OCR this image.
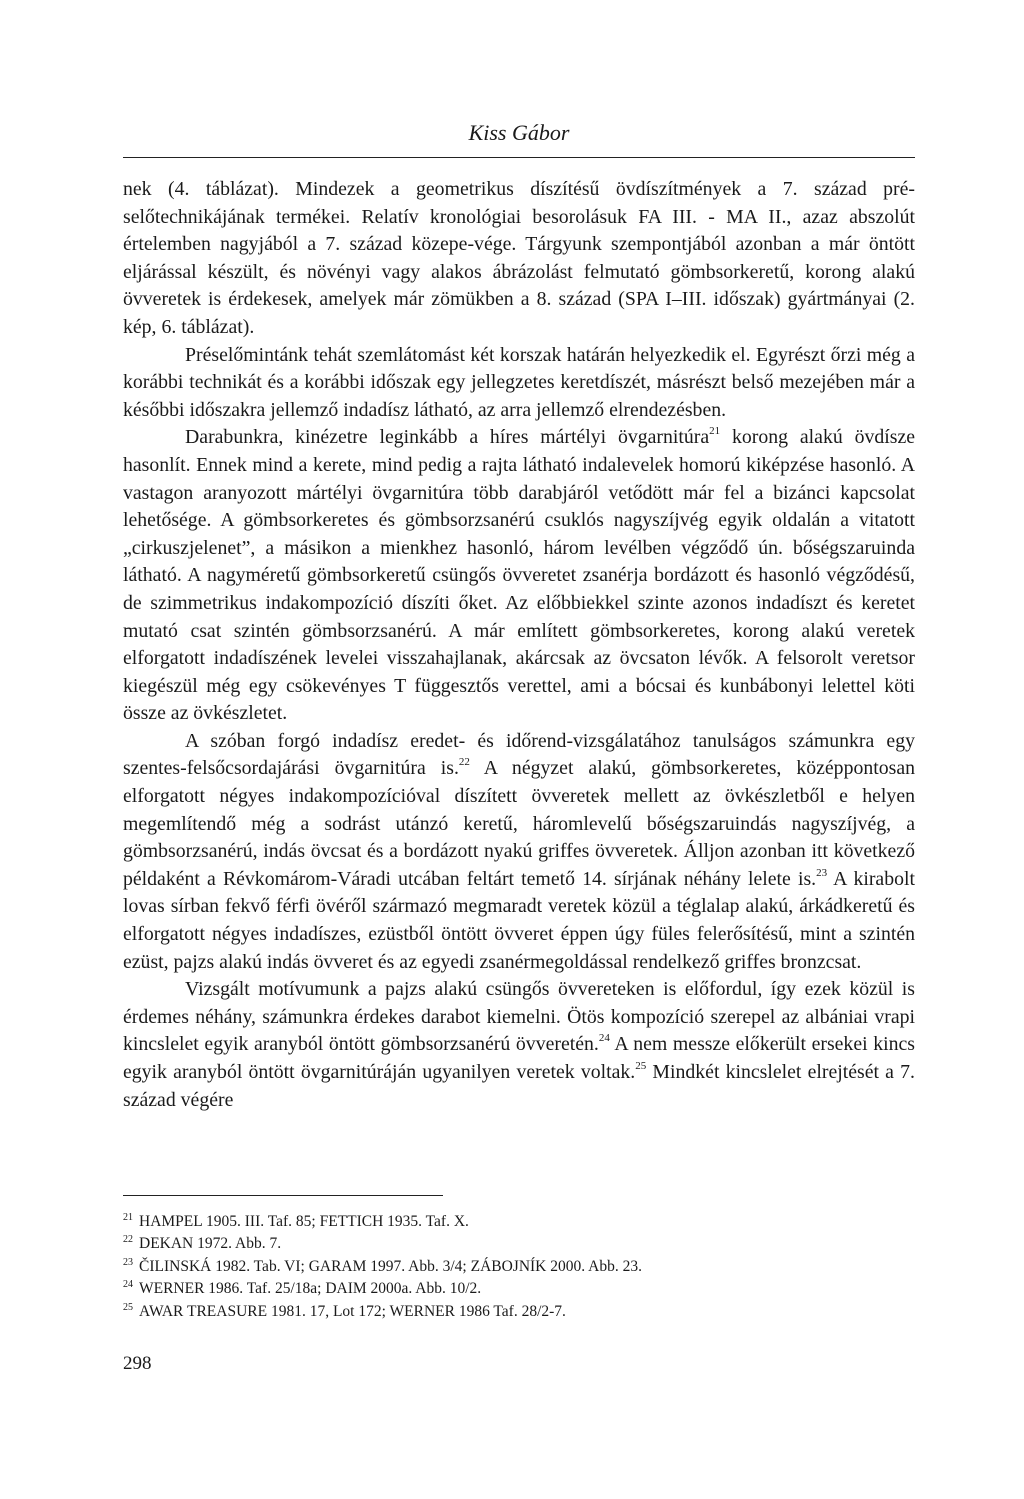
Kiss Gábor

nek (4. táblázat). Mindezek a geometrikus díszítésű övdíszítmények a 7. század préselőtechnikájának termékei. Relatív kronológiai besorolásuk FA III. - MA II., azaz abszolút értelemben nagyjából a 7. század közepe-vége. Tárgyunk szempontjából azonban a már öntött eljárással készült, és növényi vagy alakos ábrázolást felmutató gömbsorkeretű, korong alakú övveretek is érdekesek, amelyek már zömükben a 8. század (SPA I–III. időszak) gyártmányai (2. kép, 6. táblázat).

Préselőmintánk tehát szemlátomást két korszak határán helyezkedik el. Egyrészt őrzi még a korábbi technikát és a korábbi időszak egy jellegzetes keretdíszét, másrészt belső mezejében már a későbbi időszakra jellemző indadísz látható, az arra jellemző elrendezésben.

Darabunkra, kinézetre leginkább a híres mártélyi övgarnitúra$^{21}$ korong alakú övdísze hasonlít. Ennek mind a kerete, mind pedig a rajta látható indalevelek homorú kiképzése hasonló. A vastagon aranyozott mártélyi övgarnitúra több darabjáról vetődött már fel a bizánci kapcsolat lehetősége. A gömbsorkeretes és gömbsorzsanérú csuklós nagyszíjvég egyik oldalán a vitatott „cirkuszjelenet”, a másikon a mienkhez hasonló, három levélben végződő ún. bőségszaruinda látható. A nagyméretű gömbsorkeretű csüngős övveretet zsanérja bordázott és hasonló végződésű, de szimmetrikus indakompozíció díszíti őket. Az előbbiekkel szinte azonos indadíszt és keretet mutató csat szintén gömbsorzsanérú. A már említett gömbsorkeretes, korong alakú veretek elforgatott indadíszének levelei visszahajlanak, akárcsak az övcsaton lévők. A felsorolt veretsor kiegészül még egy csökevényes T függesztős verettel, ami a bócsai és kunbábonyi lelettel köti össze az övkészletet.

A szóban forgó indadísz eredet- és időrend-vizsgálatához tanulságos számunkra egy szentes-felsőcsordajárási övgarnitúra is.$^{22}$ A négyzet alakú, gömbsorkeretes, középpontosan elforgatott négyes indakompozícióval díszített övveretek mellett az övkészletből e helyen megemlítendő még a sodrást utánzó keretű, háromlevelű bőségszaruindás nagyszíjvég, a gömbsorzsanérú, indás övcsat és a bordázott nyakú griffes övveretek. Álljon azonban itt következő példaként a Révkomárom-Váradi utcában feltárt temető 14. sírjának néhány lelete is.$^{23}$ A kirabolt lovas sírban fekvő férfi övéről származó megmaradt veretek közül a téglalap alakú, árkádkeretű és elforgatott négyes indadíszes, ezüstből öntött övveret éppen úgy füles felerősítésű, mint a szintén ezüst, pajzs alakú indás övveret és az egyedi zsanérmegoldással rendelkező griffes bronzcsat.

Vizsgált motívumunk a pajzs alakú csüngős övvereteken is előfordul, így ezek közül is érdemes néhány, számunkra érdekes darabot kiemelni. Ötös kompozíció szerepel az albániai vrapi kincslelet egyik aranyból öntött gömbsorzsanérú övveretén.$^{24}$ A nem messze előkerült ersekei kincs egyik aranyból öntött övgarnitúráján ugyanilyen veretek voltak.$^{25}$ Mindkét kincslelet elrejtését a 7. század végére

$^{21}$ HAMPEL 1905. III. Taf. 85; FETTICH 1935. Taf. X.
$^{22}$ DEKAN 1972. Abb. 7.
$^{23}$ ČILINSKÁ 1982. Tab. VI; GARAM 1997. Abb. 3/4; ZÁBOJNÍK 2000. Abb. 23.
$^{24}$ WERNER 1986. Taf. 25/18a; DAIM 2000a. Abb. 10/2.
$^{25}$ AWAR TREASURE 1981. 17, Lot 172; WERNER 1986 Taf. 28/2-7.
298
